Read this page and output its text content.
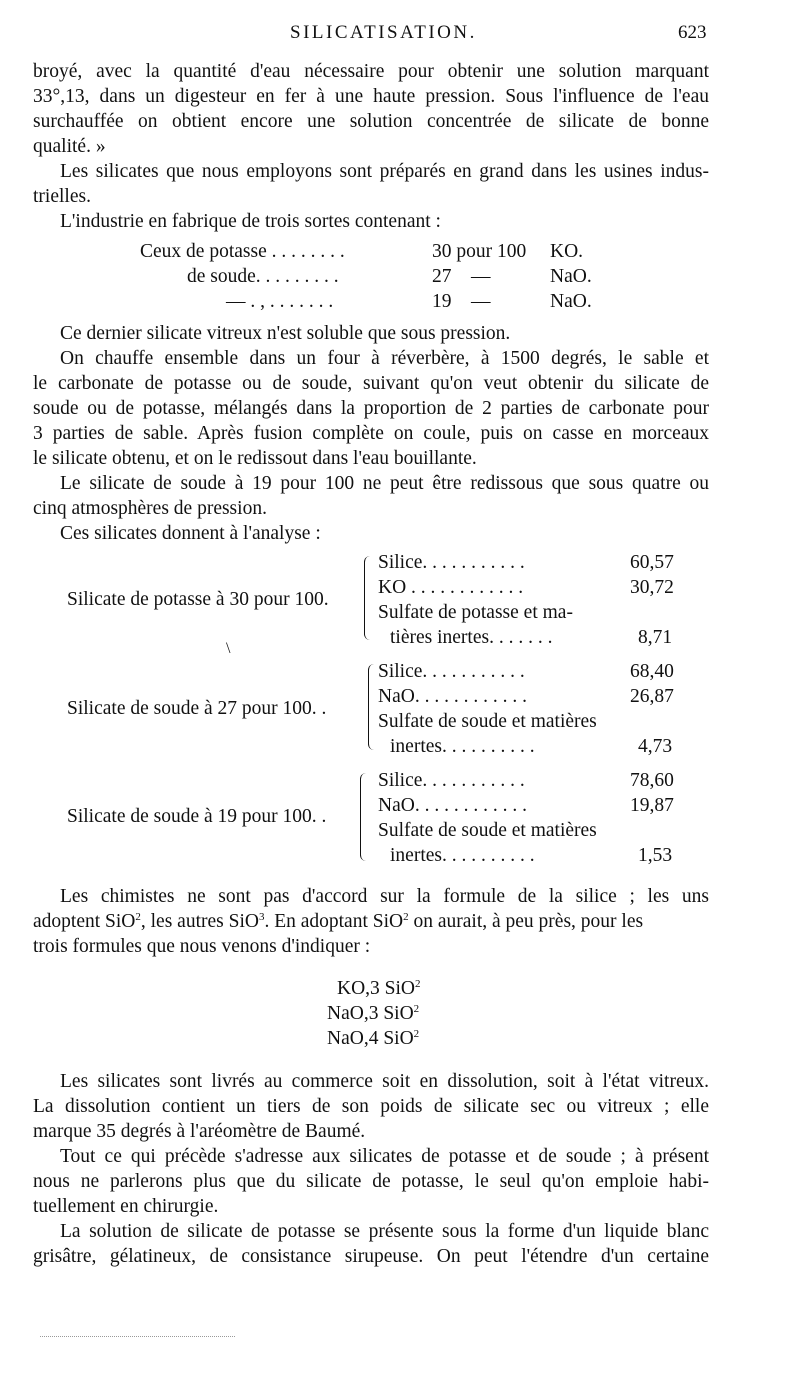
SILICATISATION.	623
broyé, avec la quantité d'eau nécessaire pour obtenir une solution marquant
33°,13, dans un digesteur en fer à une haute pression. Sous l'influence de l'eau
surchauffée on obtient encore une solution concentrée de silicate de bonne
qualité. »
Les silicates que nous employons sont préparés en grand dans les usines indus-
trielles.
L'industrie en fabrique de trois sortes contenant :
Ceux de potasse . . . . . . . .	30 pour 100 KO.
de soude. . . . . . . . .	27    —	NaO.
— . , . . . . . . .	19    —	NaO.
Ce dernier silicate vitreux n'est soluble que sous pression.
On chauffe ensemble dans un four à réverbère, à 1500 degrés, le sable et
le carbonate de potasse ou de soude, suivant qu'on veut obtenir du silicate de
soude ou de potasse, mélangés dans la proportion de 2 parties de carbonate pour
3 parties de sable. Après fusion complète on coule, puis on casse en morceaux
le silicate obtenu, et on le redissout dans l'eau bouillante.
Le silicate de soude à 19 pour 100 ne peut être redissous que sous quatre ou
cinq atmosphères de pression.
Ces silicates donnent à l'analyse :
Silicate de potasse à 30 pour 100.
Silice. . . . . . . . . . .	60,57
KO . . . . . . . . . . . .	30,72
Sulfate de potasse et ma-
tières inertes. . . . . . .	8,71
\
Silicate de soude à 27 pour 100. .
Silice. . . . . . . . . . .	68,40
NaO. . . . . . . . . . . .	26,87
Sulfate de soude et matières
inertes. . . . . . . . . .	4,73
Silicate de soude à 19 pour 100. .
Silice. . . . . . . . . . .	78,60
NaO. . . . . . . . . . . .	19,87
Sulfate de soude et matières
inertes. . . . . . . . . .	1,53
Les chimistes ne sont pas d'accord sur la formule de la silice ; les uns
adoptent SiO$^2$, les autres SiO$^3$. En adoptant SiO$^2$ on aurait, à peu près, pour les
trois formules que nous venons d'indiquer :
KO,3 SiO$^2$
NaO,3 SiO$^2$
NaO,4 SiO$^2$
Les silicates sont livrés au commerce soit en dissolution, soit à l'état vitreux.
La dissolution contient un tiers de son poids de silicate sec ou vitreux ; elle
marque 35 degrés à l'aréomètre de Baumé.
Tout ce qui précède s'adresse aux silicates de potasse et de soude ; à présent
nous ne parlerons plus que du silicate de potasse, le seul qu'on emploie habi-
tuellement en chirurgie.
La solution de silicate de potasse se présente sous la forme d'un liquide blanc
grisâtre, gélatineux, de consistance sirupeuse. On peut l'étendre d'un certaine
